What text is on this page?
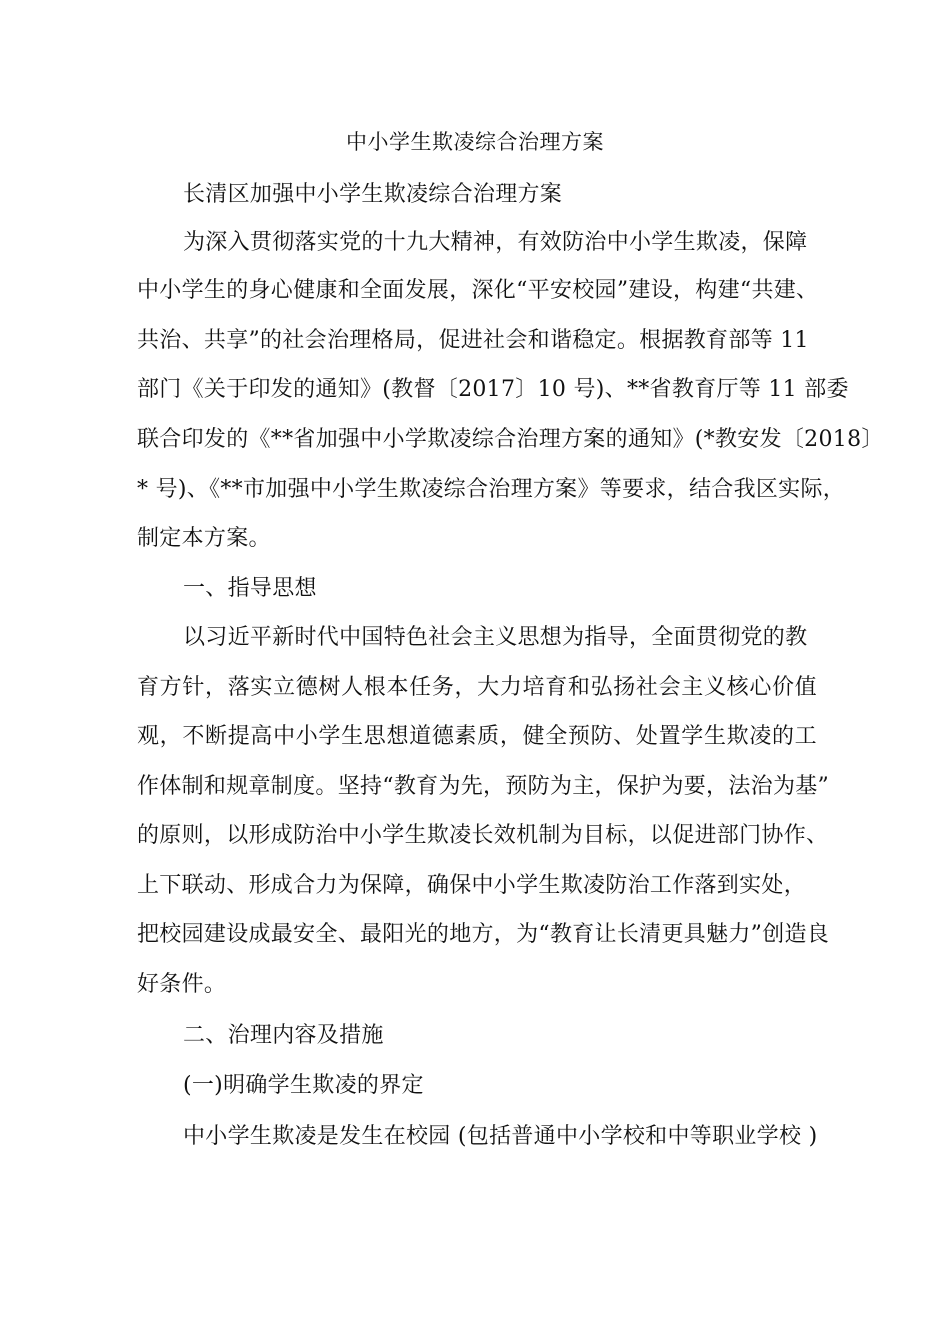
中小学生欺凌综合治理方案
长清区加强中小学生欺凌综合治理方案
为深入贯彻落实党的十九大精神，有效防治中小学生欺凌，保障
中小学生的身心健康和全面发展，深化“平安校园”建设，构建“共建、
共治、共享”的社会治理格局，促进社会和谐稳定。根据教育部等 11
部门《关于印发的通知》(教督〔2017〕10 号)、**省教育厅等 11 部委
联合印发的《**省加强中小学欺凌综合治理方案的通知》(*教安发〔2018〕
* 号)、《**市加强中小学生欺凌综合治理方案》等要求，结合我区实际，
制定本方案。
一、指导思想
以习近平新时代中国特色社会主义思想为指导，全面贯彻党的教
育方针，落实立德树人根本任务，大力培育和弘扬社会主义核心价值
观，不断提高中小学生思想道德素质，健全预防、处置学生欺凌的工
作体制和规章制度。坚持“教育为先，预防为主，保护为要，法治为基”
的原则，以形成防治中小学生欺凌长效机制为目标，以促进部门协作、
上下联动、形成合力为保障，确保中小学生欺凌防治工作落到实处，
把校园建设成最安全、最阳光的地方，为“教育让长清更具魅力”创造良
好条件。
二、治理内容及措施
(一)明确学生欺凌的界定
中小学生欺凌是发生在校园 (包括普通中小学校和中等职业学校 )
